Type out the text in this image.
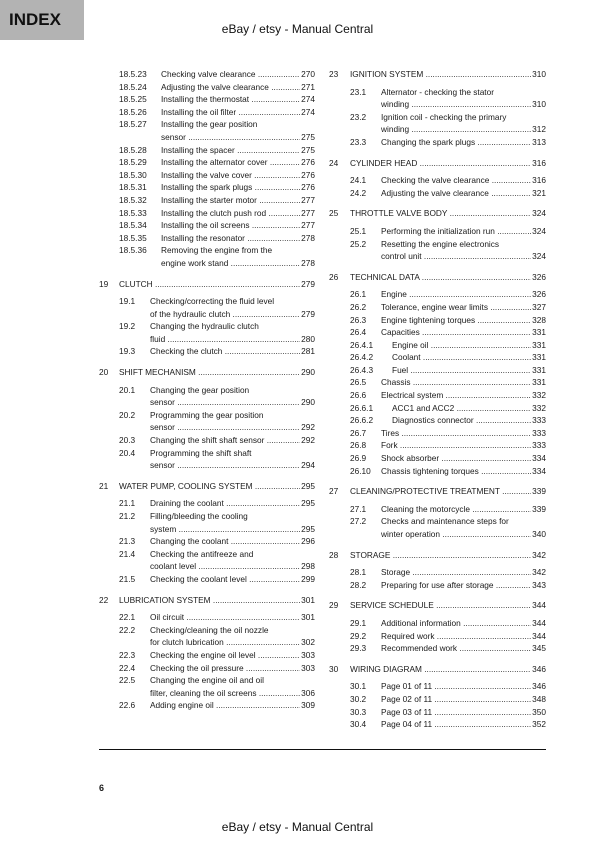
INDEX	eBay / etsy - Manual Central
18.5.23 Checking valve clearance .....	270
18.5.24 Adjusting the valve clearance .....	271
18.5.25 Installing the thermostat .....	274
18.5.26 Installing the oil filter .....	274
18.5.27	Installing the gear position
sensor .....	275
18.5.28 Installing the spacer .....	275
18.5.29 Installing the alternator cover .....	276
18.5.30 Installing the valve cover .....	276
18.5.31 Installing the spark plugs .....	276
18.5.32 Installing the starter motor .....	277
18.5.33 Installing the clutch push rod .....	277
18.5.34 Installing the oil screens .....	277
18.5.35 Installing the resonator .....	278
18.5.36	Removing the engine from the
engine work stand .....	278
19 CLUTCH .....	279
19.1	Checking/correcting the fluid level
of the hydraulic clutch .....	279
19.2	Changing the hydraulic clutch
fluid .....	280
19.3 Checking the clutch .....	281
20 SHIFT MECHANISM .....	290
20.1	Changing the gear position
sensor .....	290
20.2	Programming the gear position
sensor .....	292
20.3 Changing the shift shaft sensor .....	292
20.4	Programming the shift shaft
sensor .....	294
21 WATER PUMP, COOLING SYSTEM .....	295
21.1 Draining the coolant .....	295
21.2	Filling/bleeding the cooling
system .....	295
21.3 Changing the coolant .....	296
21.4	Checking the antifreeze and
coolant level .....	298
21.5 Checking the coolant level .....	299
22 LUBRICATION SYSTEM .....	301
22.1 Oil circuit .....	301
22.2	Checking/cleaning the oil nozzle
for clutch lubrication .....	302
22.3 Checking the engine oil level .....	303
22.4 Checking the oil pressure .....	303
22.5	Changing the engine oil and oil
filter, cleaning the oil screens .....	306
22.6 Adding engine oil .....	309
23 IGNITION SYSTEM .....	310
23.1	Alternator - checking the stator
winding .....	310
23.2	Ignition coil - checking the primary
winding .....	312
23.3 Changing the spark plugs .....	313
24 CYLINDER HEAD .....	316
24.1 Checking the valve clearance .....	316
24.2 Adjusting the valve clearance .....	321
25 THROTTLE VALVE BODY .....	324
25.1 Performing the initialization run .....	324
25.2	Resetting the engine electronics
control unit .....	324
26 TECHNICAL DATA .....	326
26.1 Engine .....	326
26.2 Tolerance, engine wear limits .....	327
26.3 Engine tightening torques .....	328
26.4 Capacities .....	331
26.4.1 Engine oil .....	331
26.4.2 Coolant .....	331
26.4.3 Fuel .....	331
26.5 Chassis .....	331
26.6 Electrical system .....	332
26.6.1 ACC1 and ACC2 .....	332
26.6.2 Diagnostics connector .....	333
26.7 Tires .....	333
26.8 Fork .....	333
26.9 Shock absorber .....	334
26.10 Chassis tightening torques .....	334
27 CLEANING/PROTECTIVE TREATMENT .....	339
27.1 Cleaning the motorcycle .....	339
27.2	Checks and maintenance steps for
winter operation .....	340
28 STORAGE .....	342
28.1 Storage .....	342
28.2 Preparing for use after storage .....	343
29 SERVICE SCHEDULE .....	344
29.1 Additional information .....	344
29.2 Required work .....	344
29.3 Recommended work .....	345
30 WIRING DIAGRAM .....	346
30.1 Page 01 of 11 .....	346
30.2 Page 02 of 11 .....	348
30.3 Page 03 of 11 .....	350
30.4 Page 04 of 11 .....	352
6
eBay / etsy - Manual Central
